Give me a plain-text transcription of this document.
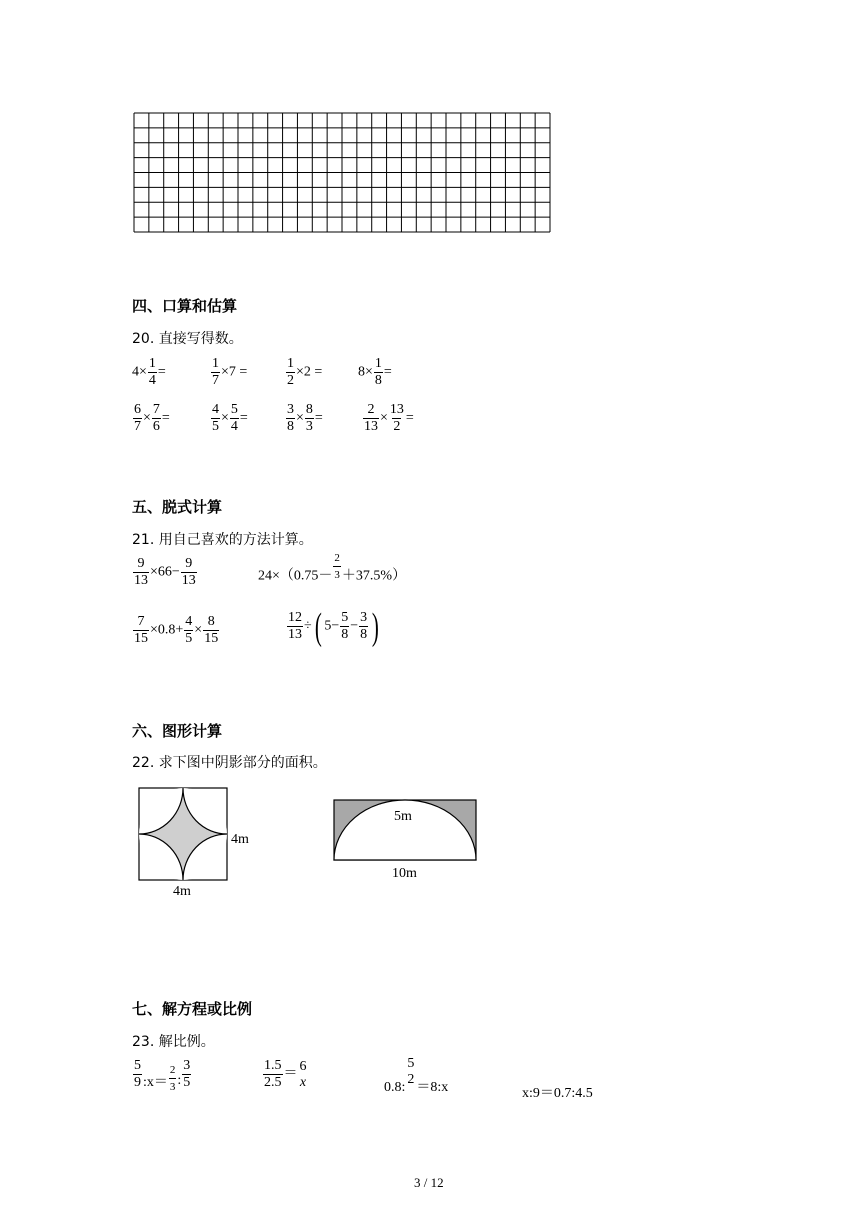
四、口算和估算
20. 直接写得数。
$4\times \frac{1}{4}$ =	$\frac{1}{7} \times 7$ =	$\frac{1}{2} \times 2$ =	$8\times \frac{1}{8}$ =
$\frac{6}{7} \times \frac{7}{6}$ =	$\frac{4}{5} \times \frac{5}{4}$ =	$\frac{3}{8} \times \frac{8}{3}$ =	$\frac{2}{13} \times \frac{13}{2}$ =
五、脱式计算
21. 用自己喜欢的方法计算。
$\frac{9}{13} \times 66- \frac{9}{13}$	$24\times(0.75- \frac{2}{3} +37.5\%)$
$\frac{7}{15} \times 0.8+ \frac{4}{5} \times \frac{8}{15}$	$\frac{12}{13}$ ÷( $5- \frac{5}{8} - \frac{3}{8}$ )
六、图形计算
22. 求下图中阴影部分的面积。
4m
4m
5m
10m
七、解方程或比例
23. 解比例。
$\frac{5}{9}$ :x＝ $\frac{2}{3}$ : $\frac{3}{5}$	$\frac{1.5}{2.5}$ ＝
6
x	0.8:
5
2
＝8:x	x:9＝0.7:4.5
3 / 12
